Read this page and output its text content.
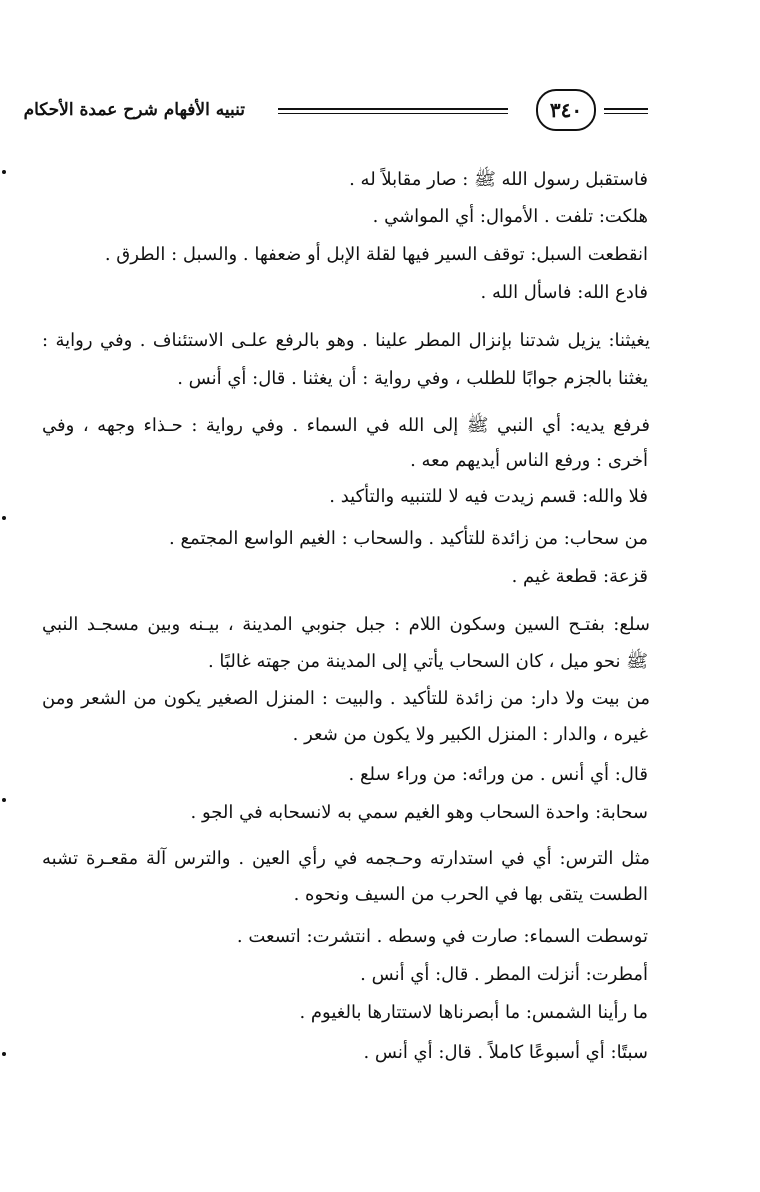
٣٤٠
تنبيه الأفهام شرح عمدة الأحكام
فاستقبل رسول الله ﷺ : صار مقابلاً له .
هلكت: تلفت . الأموال: أي المواشي .
انقطعت السبل: توقف السير فيها لقلة الإبل أو ضعفها . والسبل : الطرق .
فادع الله: فاسأل الله .
يغيثنا: يزيل شدتنا بإنزال المطر علينا . وهو بالرفع علـى الاستئناف . وفي رواية :
يغثنا بالجزم جوابًا للطلب ، وفي رواية : أن يغثنا . قال: أي أنس .
فرفع يديه: أي النبي ﷺ إلى الله في السماء . وفي رواية : حـذاء وجهه ، وفي
أخرى : ورفع الناس أيديهم معه .
فلا والله: قسم زيدت فيه لا للتنبيه والتأكيد .
من سحاب: من زائدة للتأكيد . والسحاب : الغيم الواسع المجتمع .
قزعة: قطعة غيم .
سلع: بفتـح السين وسكون اللام : جبل جنوبي المدينة ، بيـنه وبين مسجـد النبي
ﷺ نحو ميل ، كان السحاب يأتي إلى المدينة من جهته غالبًا .
من بيت ولا دار: من زائدة للتأكيد . والبيت : المنزل الصغير يكون من الشعر ومن
غيره ، والدار : المنزل الكبير ولا يكون من شعر .
قال: أي أنس . من ورائه: من وراء سلع .
سحابة: واحدة السحاب وهو الغيم سمي به لانسحابه في الجو .
مثل الترس: أي في استدارته وحـجمه في رأي العين . والترس آلة مقعـرة تشبه
الطست يتقى بها في الحرب من السيف ونحوه .
توسطت السماء: صارت في وسطه . انتشرت: اتسعت .
أمطرت: أنزلت المطر . قال: أي أنس .
ما رأينا الشمس: ما أبصرناها لاستتارها بالغيوم .
سبتًا: أي أسبوعًا كاملاً . قال: أي أنس .
